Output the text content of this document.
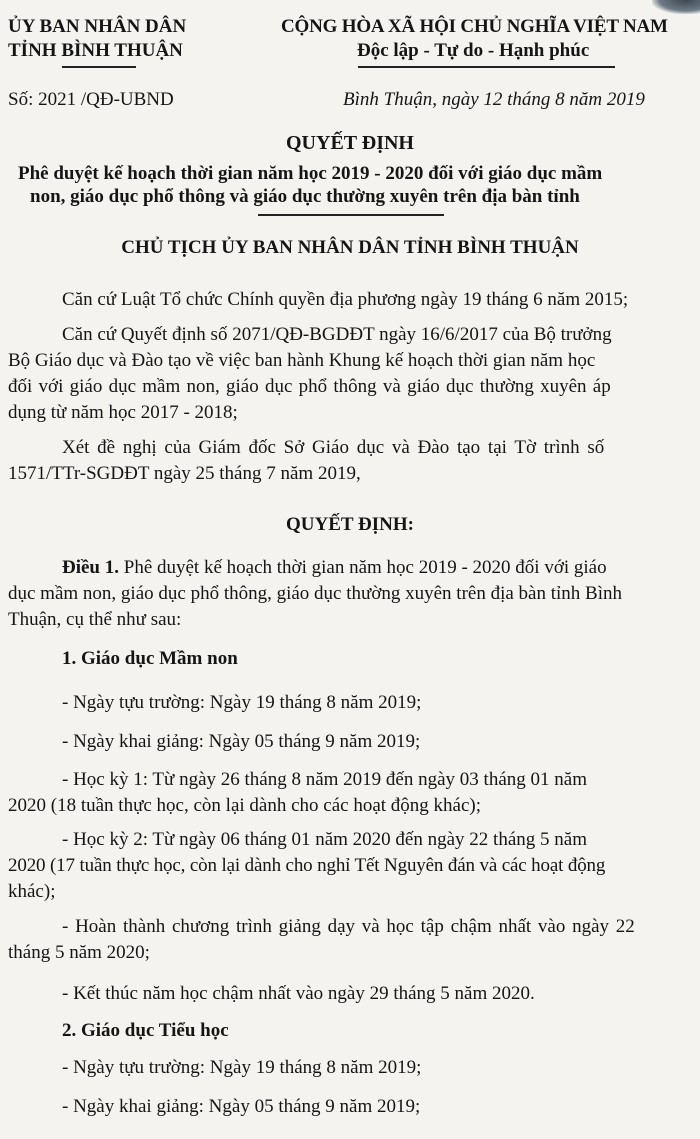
ỦY BAN NHÂN DÂN
TỈNH BÌNH THUẬN
CỘNG HÒA XÃ HỘI CHỦ NGHĨA VIỆT NAM
Độc lập - Tự do - Hạnh phúc
Số: 2021 /QĐ-UBND	Bình Thuận, ngày 12 tháng 8 năm 2019
QUYẾT ĐỊNH
Phê duyệt kế hoạch thời gian năm học 2019 - 2020 đối với giáo dục mầm
non, giáo dục phổ thông và giáo dục thường xuyên trên địa bàn tỉnh
CHỦ TỊCH ỦY BAN NHÂN DÂN TỈNH BÌNH THUẬN
Căn cứ Luật Tổ chức Chính quyền địa phương ngày 19 tháng 6 năm 2015;
Căn cứ Quyết định số 2071/QĐ-BGDĐT ngày 16/6/2017 của Bộ trưởng
Bộ Giáo dục và Đào tạo về việc ban hành Khung kế hoạch thời gian năm học
đối với giáo dục mầm non, giáo dục phổ thông và giáo dục thường xuyên áp
dụng từ năm học 2017 - 2018;
Xét đề nghị của Giám đốc Sở Giáo dục và Đào tạo tại Tờ trình số
1571/TTr-SGDĐT ngày 25 tháng 7 năm 2019,
QUYẾT ĐỊNH:
Điều 1. Phê duyệt kế hoạch thời gian năm học 2019 - 2020 đối với giáo
dục mầm non, giáo dục phổ thông, giáo dục thường xuyên trên địa bàn tỉnh Bình
Thuận, cụ thể như sau:
1. Giáo dục Mầm non
- Ngày tựu trường: Ngày 19 tháng 8 năm 2019;
- Ngày khai giảng: Ngày 05 tháng 9 năm 2019;
- Học kỳ 1: Từ ngày 26 tháng 8 năm 2019 đến ngày 03 tháng 01 năm
2020 (18 tuần thực học, còn lại dành cho các hoạt động khác);
- Học kỳ 2: Từ ngày 06 tháng 01 năm 2020 đến ngày 22 tháng 5 năm
2020 (17 tuần thực học, còn lại dành cho nghỉ Tết Nguyên đán và các hoạt động
khác);
- Hoàn thành chương trình giảng dạy và học tập chậm nhất vào ngày 22
tháng 5 năm 2020;
- Kết thúc năm học chậm nhất vào ngày 29 tháng 5 năm 2020.
2. Giáo dục Tiểu học
- Ngày tựu trường: Ngày 19 tháng 8 năm 2019;
- Ngày khai giảng: Ngày 05 tháng 9 năm 2019;
